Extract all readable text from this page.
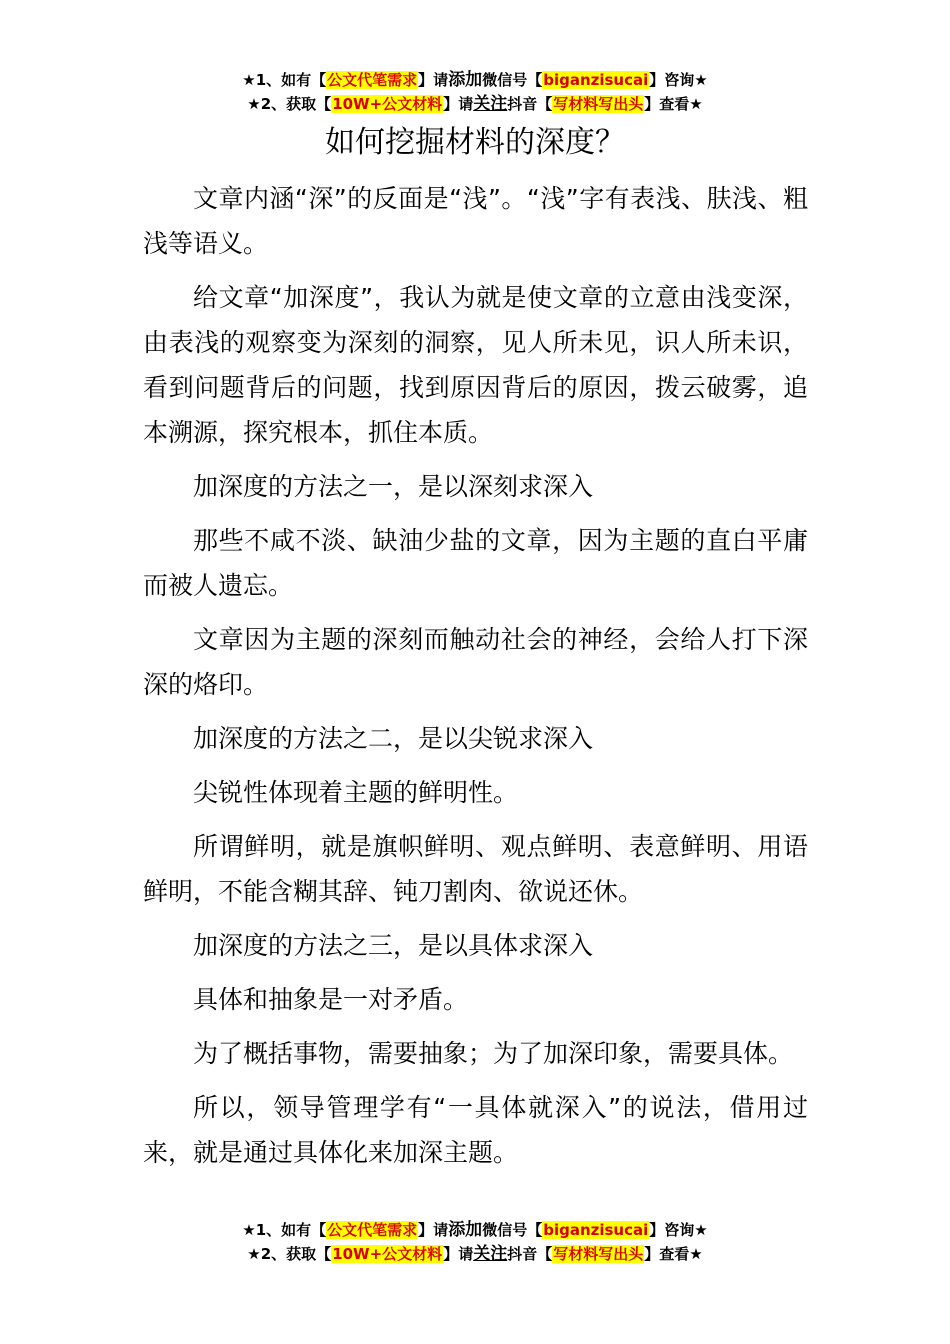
★1、如有【公文代笔需求】请添加微信号【biganzisucai】咨询★
★2、获取【10W+公文材料】请关注抖音【写材料写出头】查看★
如何挖掘材料的深度？

文章内涵“深”的反面是“浅”。“浅”字有表浅、肤浅、粗浅等语义。

给文章“加深度”，我认为就是使文章的立意由浅变深，由表浅的观察变为深刻的洞察，见人所未见，识人所未识，看到问题背后的问题，找到原因背后的原因，拨云破雾，追本溯源，探究根本，抓住本质。

加深度的方法之一，是以深刻求深入

那些不咸不淡、缺油少盐的文章，因为主题的直白平庸而被人遗忘。

文章因为主题的深刻而触动社会的神经，会给人打下深深的烙印。

加深度的方法之二，是以尖锐求深入

尖锐性体现着主题的鲜明性。

所谓鲜明，就是旗帜鲜明、观点鲜明、表意鲜明、用语鲜明，不能含糊其辞、钝刀割肉、欲说还休。

加深度的方法之三，是以具体求深入

具体和抽象是一对矛盾。

为了概括事物，需要抽象；为了加深印象，需要具体。

所以，领导管理学有“一具体就深入”的说法，借用过来，就是通过具体化来加深主题。

★1、如有【公文代笔需求】请添加微信号【biganzisucai】咨询★
★2、获取【10W+公文材料】请关注抖音【写材料写出头】查看★
